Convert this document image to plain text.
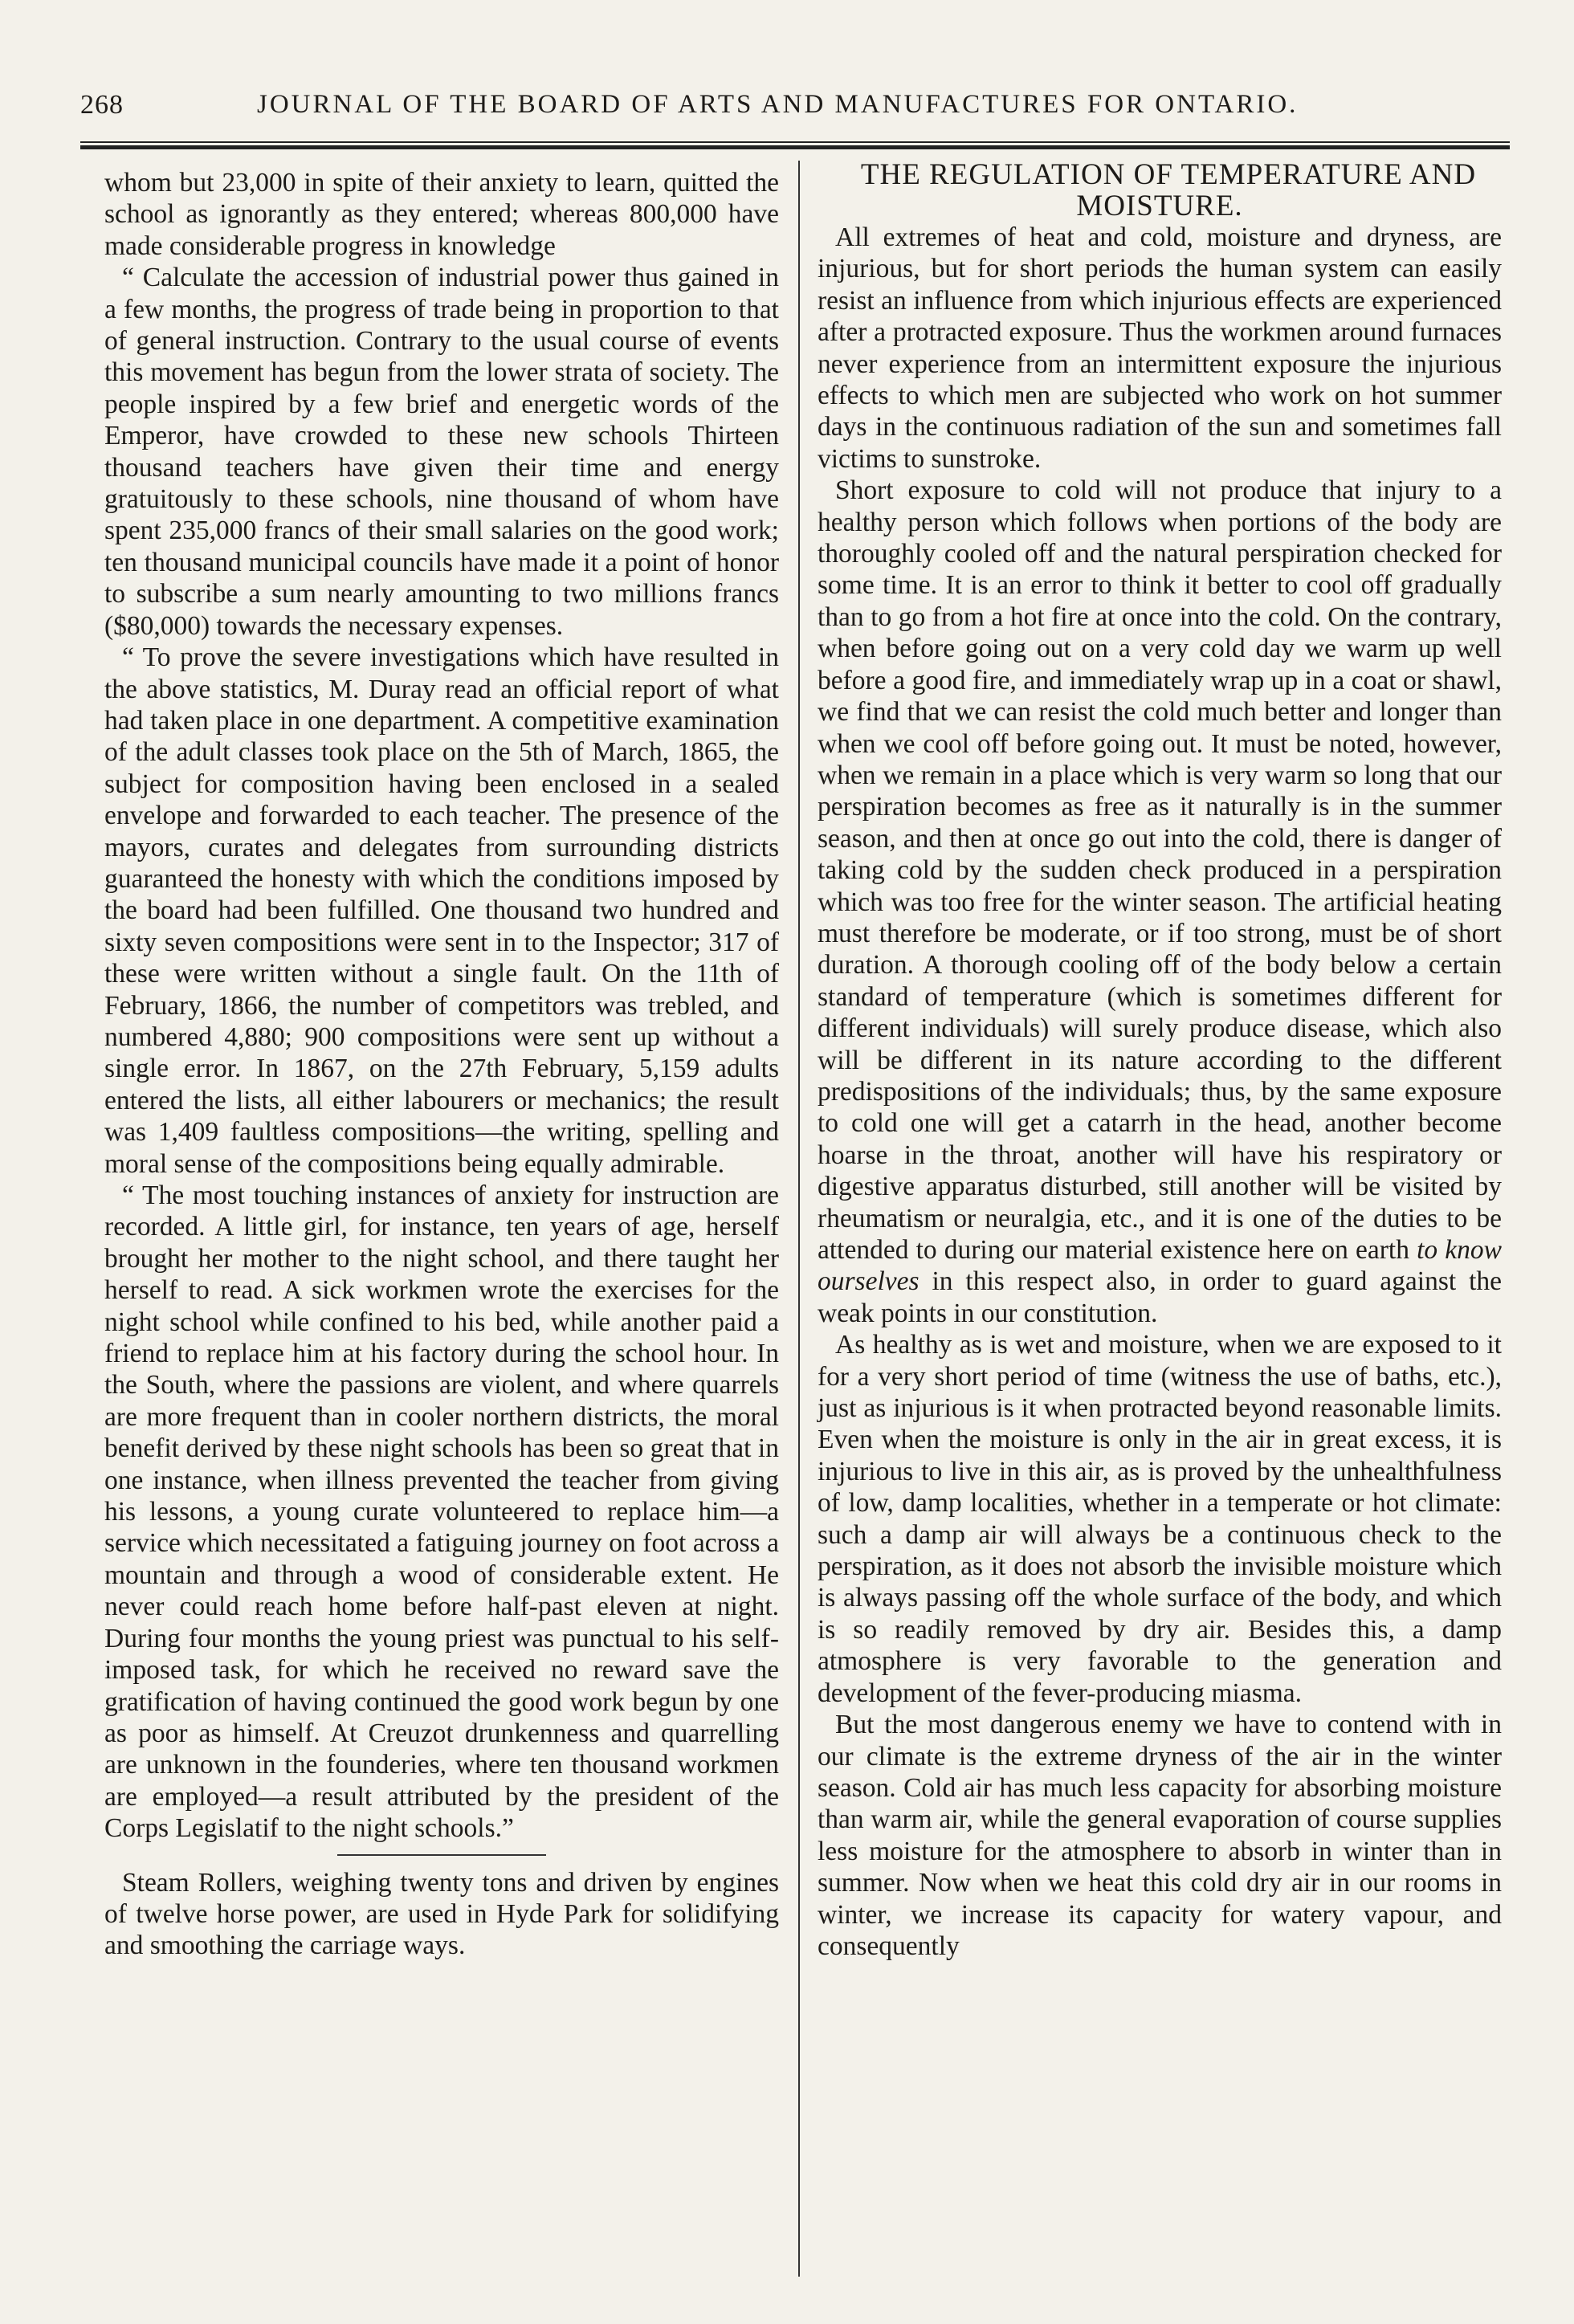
268	JOURNAL OF THE BOARD OF ARTS AND MANUFACTURES FOR ONTARIO.

whom but 23,000 in spite of their anxiety to learn, quitted the school as ignorantly as they entered; whereas 800,000 have made considerable progress in knowledge

“ Calculate the accession of industrial power thus gained in a few months, the progress of trade being in proportion to that of general instruction. Contrary to the usual course of events this movement has begun from the lower strata of society. The people inspired by a few brief and energetic words of the Emperor, have crowded to these new schools Thirteen thousand teachers have given their time and energy gratuitously to these schools, nine thousand of whom have spent 235,000 francs of their small salaries on the good work; ten thousand municipal councils have made it a point of honor to subscribe a sum nearly amounting to two millions francs ($80,000) towards the necessary expenses.

“ To prove the severe investigations which have resulted in the above statistics, M. Duray read an official report of what had taken place in one department. A competitive examination of the adult classes took place on the 5th of March, 1865, the subject for composition having been enclosed in a sealed envelope and forwarded to each teacher. The presence of the mayors, curates and delegates from surrounding districts guaranteed the honesty with which the conditions imposed by the board had been fulfilled. One thousand two hundred and sixty seven compositions were sent in to the Inspector; 317 of these were written without a single fault. On the 11th of February, 1866, the number of competitors was trebled, and numbered 4,880; 900 compositions were sent up without a single error. In 1867, on the 27th February, 5,159 adults entered the lists, all either labourers or mechanics; the result was 1,409 faultless compositions—the writing, spelling and moral sense of the compositions being equally admirable.

“ The most touching instances of anxiety for instruction are recorded. A little girl, for instance, ten years of age, herself brought her mother to the night school, and there taught her herself to read. A sick workmen wrote the exercises for the night school while confined to his bed, while another paid a friend to replace him at his factory during the school hour. In the South, where the passions are violent, and where quarrels are more frequent than in cooler northern districts, the moral benefit derived by these night schools has been so great that in one instance, when illness prevented the teacher from giving his lessons, a young curate volunteered to replace him—a service which necessitated a fatiguing journey on foot across a mountain and through a wood of considerable extent. He never could reach home before half-past eleven at night. During four months the young priest was punctual to his self-imposed task, for which he received no reward save the gratification of having continued the good work begun by one as poor as himself. At Creuzot drunkenness and quarrelling are unknown in the founderies, where ten thousand workmen are employed—a result attributed by the president of the Corps Legislatif to the night schools.”

Steam Rollers, weighing twenty tons and driven by engines of twelve horse power, are used in Hyde Park for solidifying and smoothing the carriage ways.

THE REGULATION OF TEMPERATURE AND MOISTURE.

All extremes of heat and cold, moisture and dryness, are injurious, but for short periods the human system can easily resist an influence from which injurious effects are experienced after a protracted exposure. Thus the workmen around furnaces never experience from an intermittent exposure the injurious effects to which men are subjected who work on hot summer days in the continuous radiation of the sun and sometimes fall victims to sunstroke.

Short exposure to cold will not produce that injury to a healthy person which follows when portions of the body are thoroughly cooled off and the natural perspiration checked for some time. It is an error to think it better to cool off gradually than to go from a hot fire at once into the cold. On the contrary, when before going out on a very cold day we warm up well before a good fire, and immediately wrap up in a coat or shawl, we find that we can resist the cold much better and longer than when we cool off before going out. It must be noted, however, when we remain in a place which is very warm so long that our perspiration becomes as free as it naturally is in the summer season, and then at once go out into the cold, there is danger of taking cold by the sudden check produced in a perspiration which was too free for the winter season. The artificial heating must therefore be moderate, or if too strong, must be of short duration. A thorough cooling off of the body below a certain standard of temperature (which is sometimes different for different individuals) will surely produce disease, which also will be different in its nature according to the different predispositions of the individuals; thus, by the same exposure to cold one will get a catarrh in the head, another become hoarse in the throat, another will have his respiratory or digestive apparatus disturbed, still another will be visited by rheumatism or neuralgia, etc., and it is one of the duties to be attended to during our material existence here on earth to know ourselves in this respect also, in order to guard against the weak points in our constitution.

As healthy as is wet and moisture, when we are exposed to it for a very short period of time (witness the use of baths, etc.), just as injurious is it when protracted beyond reasonable limits. Even when the moisture is only in the air in great excess, it is injurious to live in this air, as is proved by the unhealthfulness of low, damp localities, whether in a temperate or hot climate: such a damp air will always be a continuous check to the perspiration, as it does not absorb the invisible moisture which is always passing off the whole surface of the body, and which is so readily removed by dry air. Besides this, a damp atmosphere is very favorable to the generation and development of the fever-producing miasma.

But the most dangerous enemy we have to contend with in our climate is the extreme dryness of the air in the winter season. Cold air has much less capacity for absorbing moisture than warm air, while the general evaporation of course supplies less moisture for the atmosphere to absorb in winter than in summer. Now when we heat this cold dry air in our rooms in winter, we increase its capacity for watery vapour, and consequently
